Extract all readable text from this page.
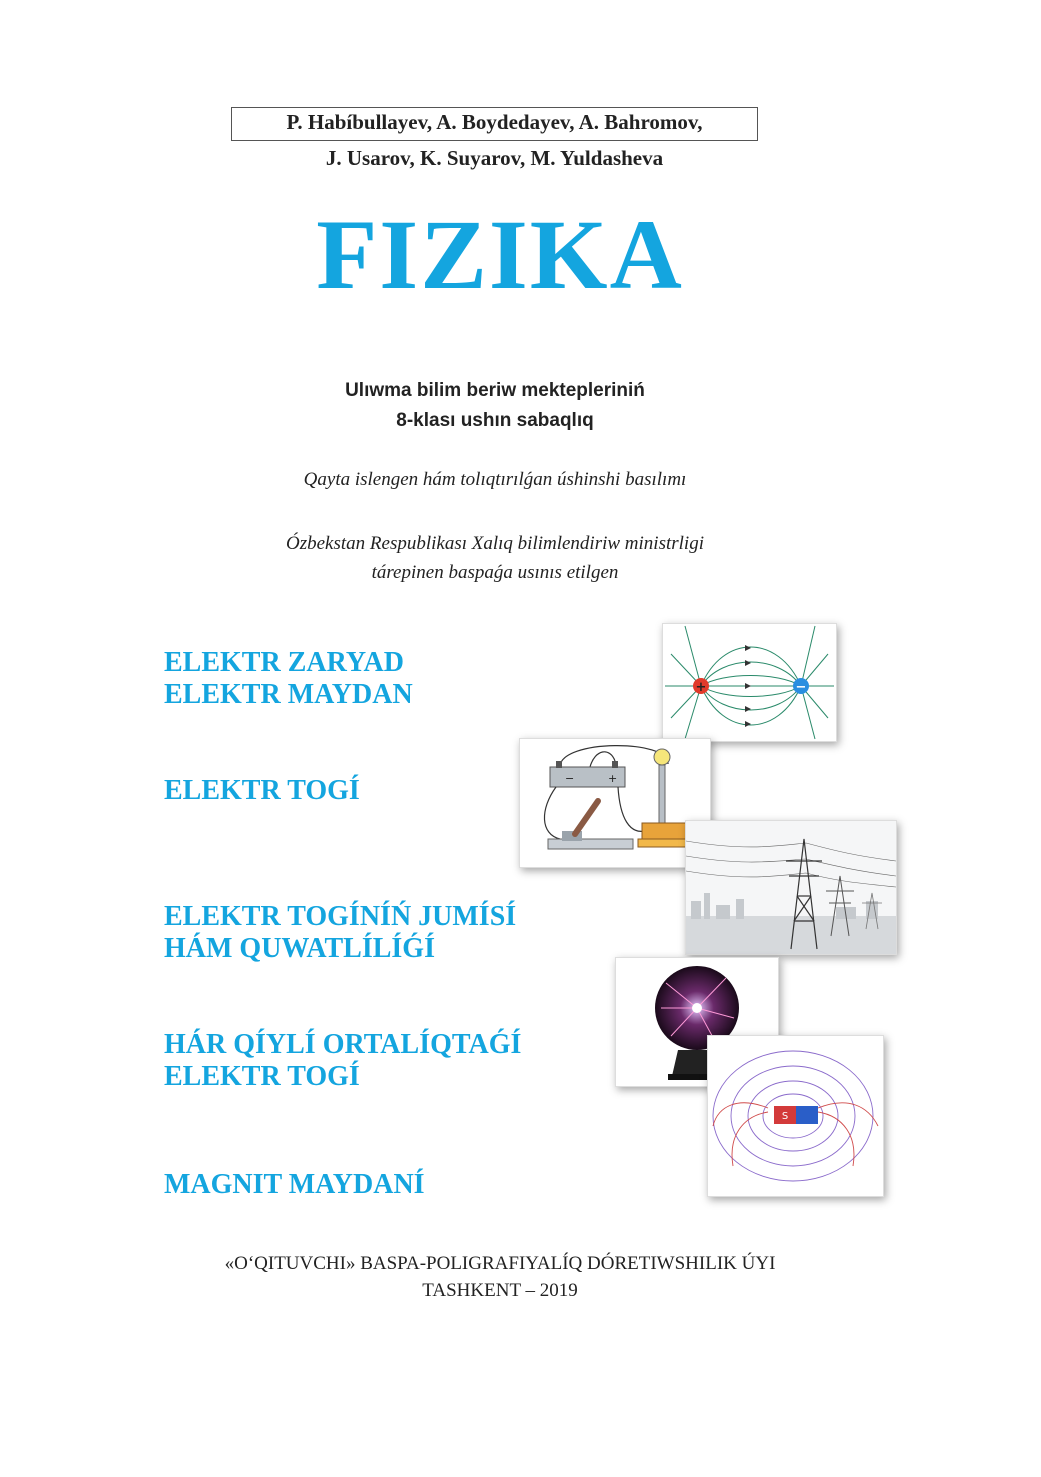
P. Habíbullayev, A. Boydedayev, A. Bahromov,
J. Usarov, K. Suyarov, M. Yuldasheva
FIZIKA
Ulıwma bilim beriw mektepleriniń
8-klası ushın sabaqlıq
Qayta islengen hám tolıqtırılǵan úshinshi basılımı
Ózbekstan Respublikası Xalıq bilimlendiriw ministrligi
tárepinen baspaǵa usınıs etilgen
ELEKTR ZARYAD
ELEKTR MAYDAN
ELEKTR TOGÍ
ELEKTR TOGÍNÍŃ JUMÍSÍ
HÁM QUWATLÍLÍǴÍ
HÁR QÍYLÍ ORTALÍQTAǴÍ
ELEKTR TOGÍ
MAGNIT MAYDANÍ
+	−
−	+
S
«O‘QITUVCHI» BASPA-POLIGRAFIYALÍQ DÓRETIWSHILIK ÚYI
TASHKENT – 2019
